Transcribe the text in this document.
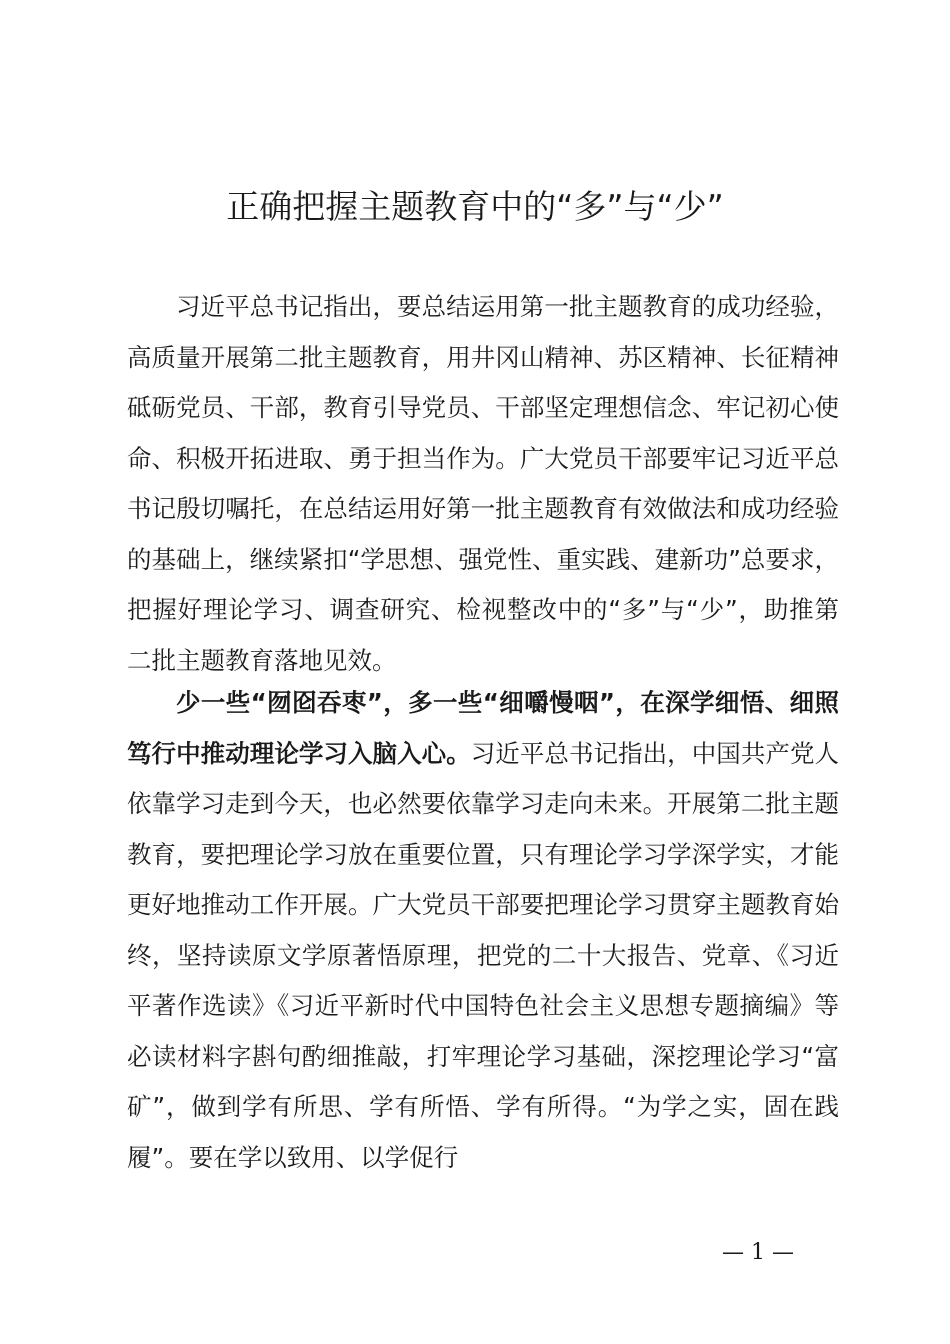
正确把握主题教育中的“多”与“少”

习近平总书记指出，要总结运用第一批主题教育的成功经验，高质量开展第二批主题教育，用井冈山精神、苏区精神、长征精神砥砺党员、干部，教育引导党员、干部坚定理想信念、牢记初心使命、积极开拓进取、勇于担当作为。广大党员干部要牢记习近平总书记殷切嘱托，在总结运用好第一批主题教育有效做法和成功经验的基础上，继续紧扣“学思想、强党性、重实践、建新功”总要求，把握好理论学习、调查研究、检视整改中的“多”与“少”，助推第二批主题教育落地见效。

少一些“囫囵吞枣”，多一些“细嚼慢咽”，在深学细悟、细照笃行中推动理论学习入脑入心。习近平总书记指出，中国共产党人依靠学习走到今天，也必然要依靠学习走向未来。开展第二批主题教育，要把理论学习放在重要位置，只有理论学习学深学实，才能更好地推动工作开展。广大党员干部要把理论学习贯穿主题教育始终，坚持读原文学原著悟原理，把党的二十大报告、党章、《习近平著作选读》《习近平新时代中国特色社会主义思想专题摘编》等必读材料字斟句酌细推敲，打牢理论学习基础，深挖理论学习“富矿”，做到学有所思、学有所悟、学有所得。“为学之实，固在践履”。要在学以致用、以学促行

— 1 —
